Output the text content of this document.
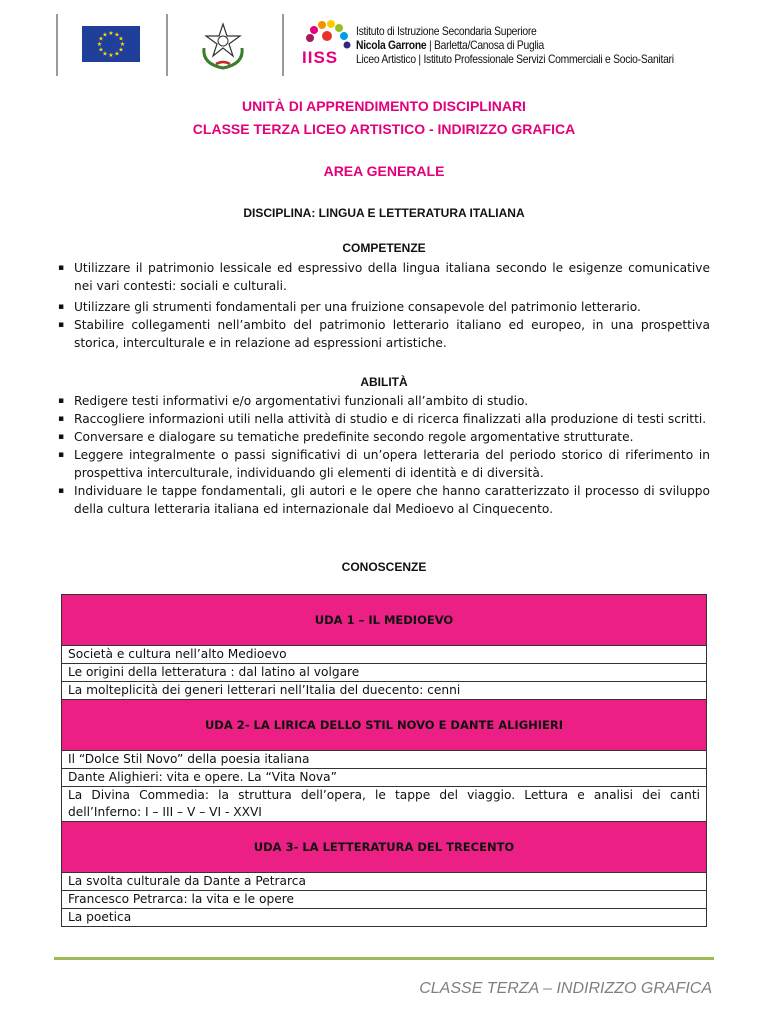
★ ★
★
★
★
★
★
★
★
★
★
★
IISS
Istituto di Istruzione Secondaria Superiore
Nicola Garrone | Barletta/Canosa di Puglia
Liceo Artistico | Istituto Professionale Servizi Commerciali e Socio-Sanitari
UNITÀ DI APPRENDIMENTO DISCIPLINARI
CLASSE TERZA LICEO ARTISTICO - INDIRIZZO GRAFICA
AREA GENERALE
DISCIPLINA: LINGUA E LETTERATURA ITALIANA
COMPETENZE
▪ Utilizzare il patrimonio lessicale ed espressivo della lingua italiana secondo le esigenze comunicative nei vari contesti: sociali e culturali.
▪ Utilizzare gli strumenti fondamentali per una fruizione consapevole del patrimonio letterario.
▪ Stabilire collegamenti nell’ambito del patrimonio letterario italiano ed europeo, in una prospettiva storica, interculturale e in relazione ad espressioni artistiche.
ABILITÀ
▪ Redigere testi informativi e/o argomentativi funzionali all’ambito di studio.
▪ Raccogliere informazioni utili nella attività di studio e di ricerca finalizzati alla produzione di testi scritti.
▪ Conversare e dialogare su tematiche predefinite secondo regole argomentative strutturate.
▪ Leggere integralmente o passi significativi di un’opera letteraria del periodo storico di riferimento in prospettiva interculturale, individuando gli elementi di identità e di diversità.
▪ Individuare le tappe fondamentali, gli autori e le opere che hanno caratterizzato il processo di sviluppo della cultura letteraria italiana ed internazionale dal Medioevo al Cinquecento.
CONOSCENZE
UDA 1 – IL MEDIOEVO
Società e cultura nell’alto Medioevo
Le origini della letteratura : dal latino al volgare
La molteplicità dei generi letterari nell’Italia del duecento: cenni
UDA 2- LA LIRICA DELLO STIL NOVO E DANTE ALIGHIERI
Il “Dolce Stil Novo” della poesia italiana
Dante Alighieri: vita e opere. La “Vita Nova”
La Divina Commedia: la struttura dell’opera, le tappe del viaggio. Lettura e analisi dei canti dell’Inferno: I – III – V – VI - XXVI
UDA 3- LA LETTERATURA DEL TRECENTO
La svolta culturale da Dante a Petrarca
Francesco Petrarca: la vita e le opere
La poetica
CLASSE TERZA – INDIRIZZO GRAFICA
